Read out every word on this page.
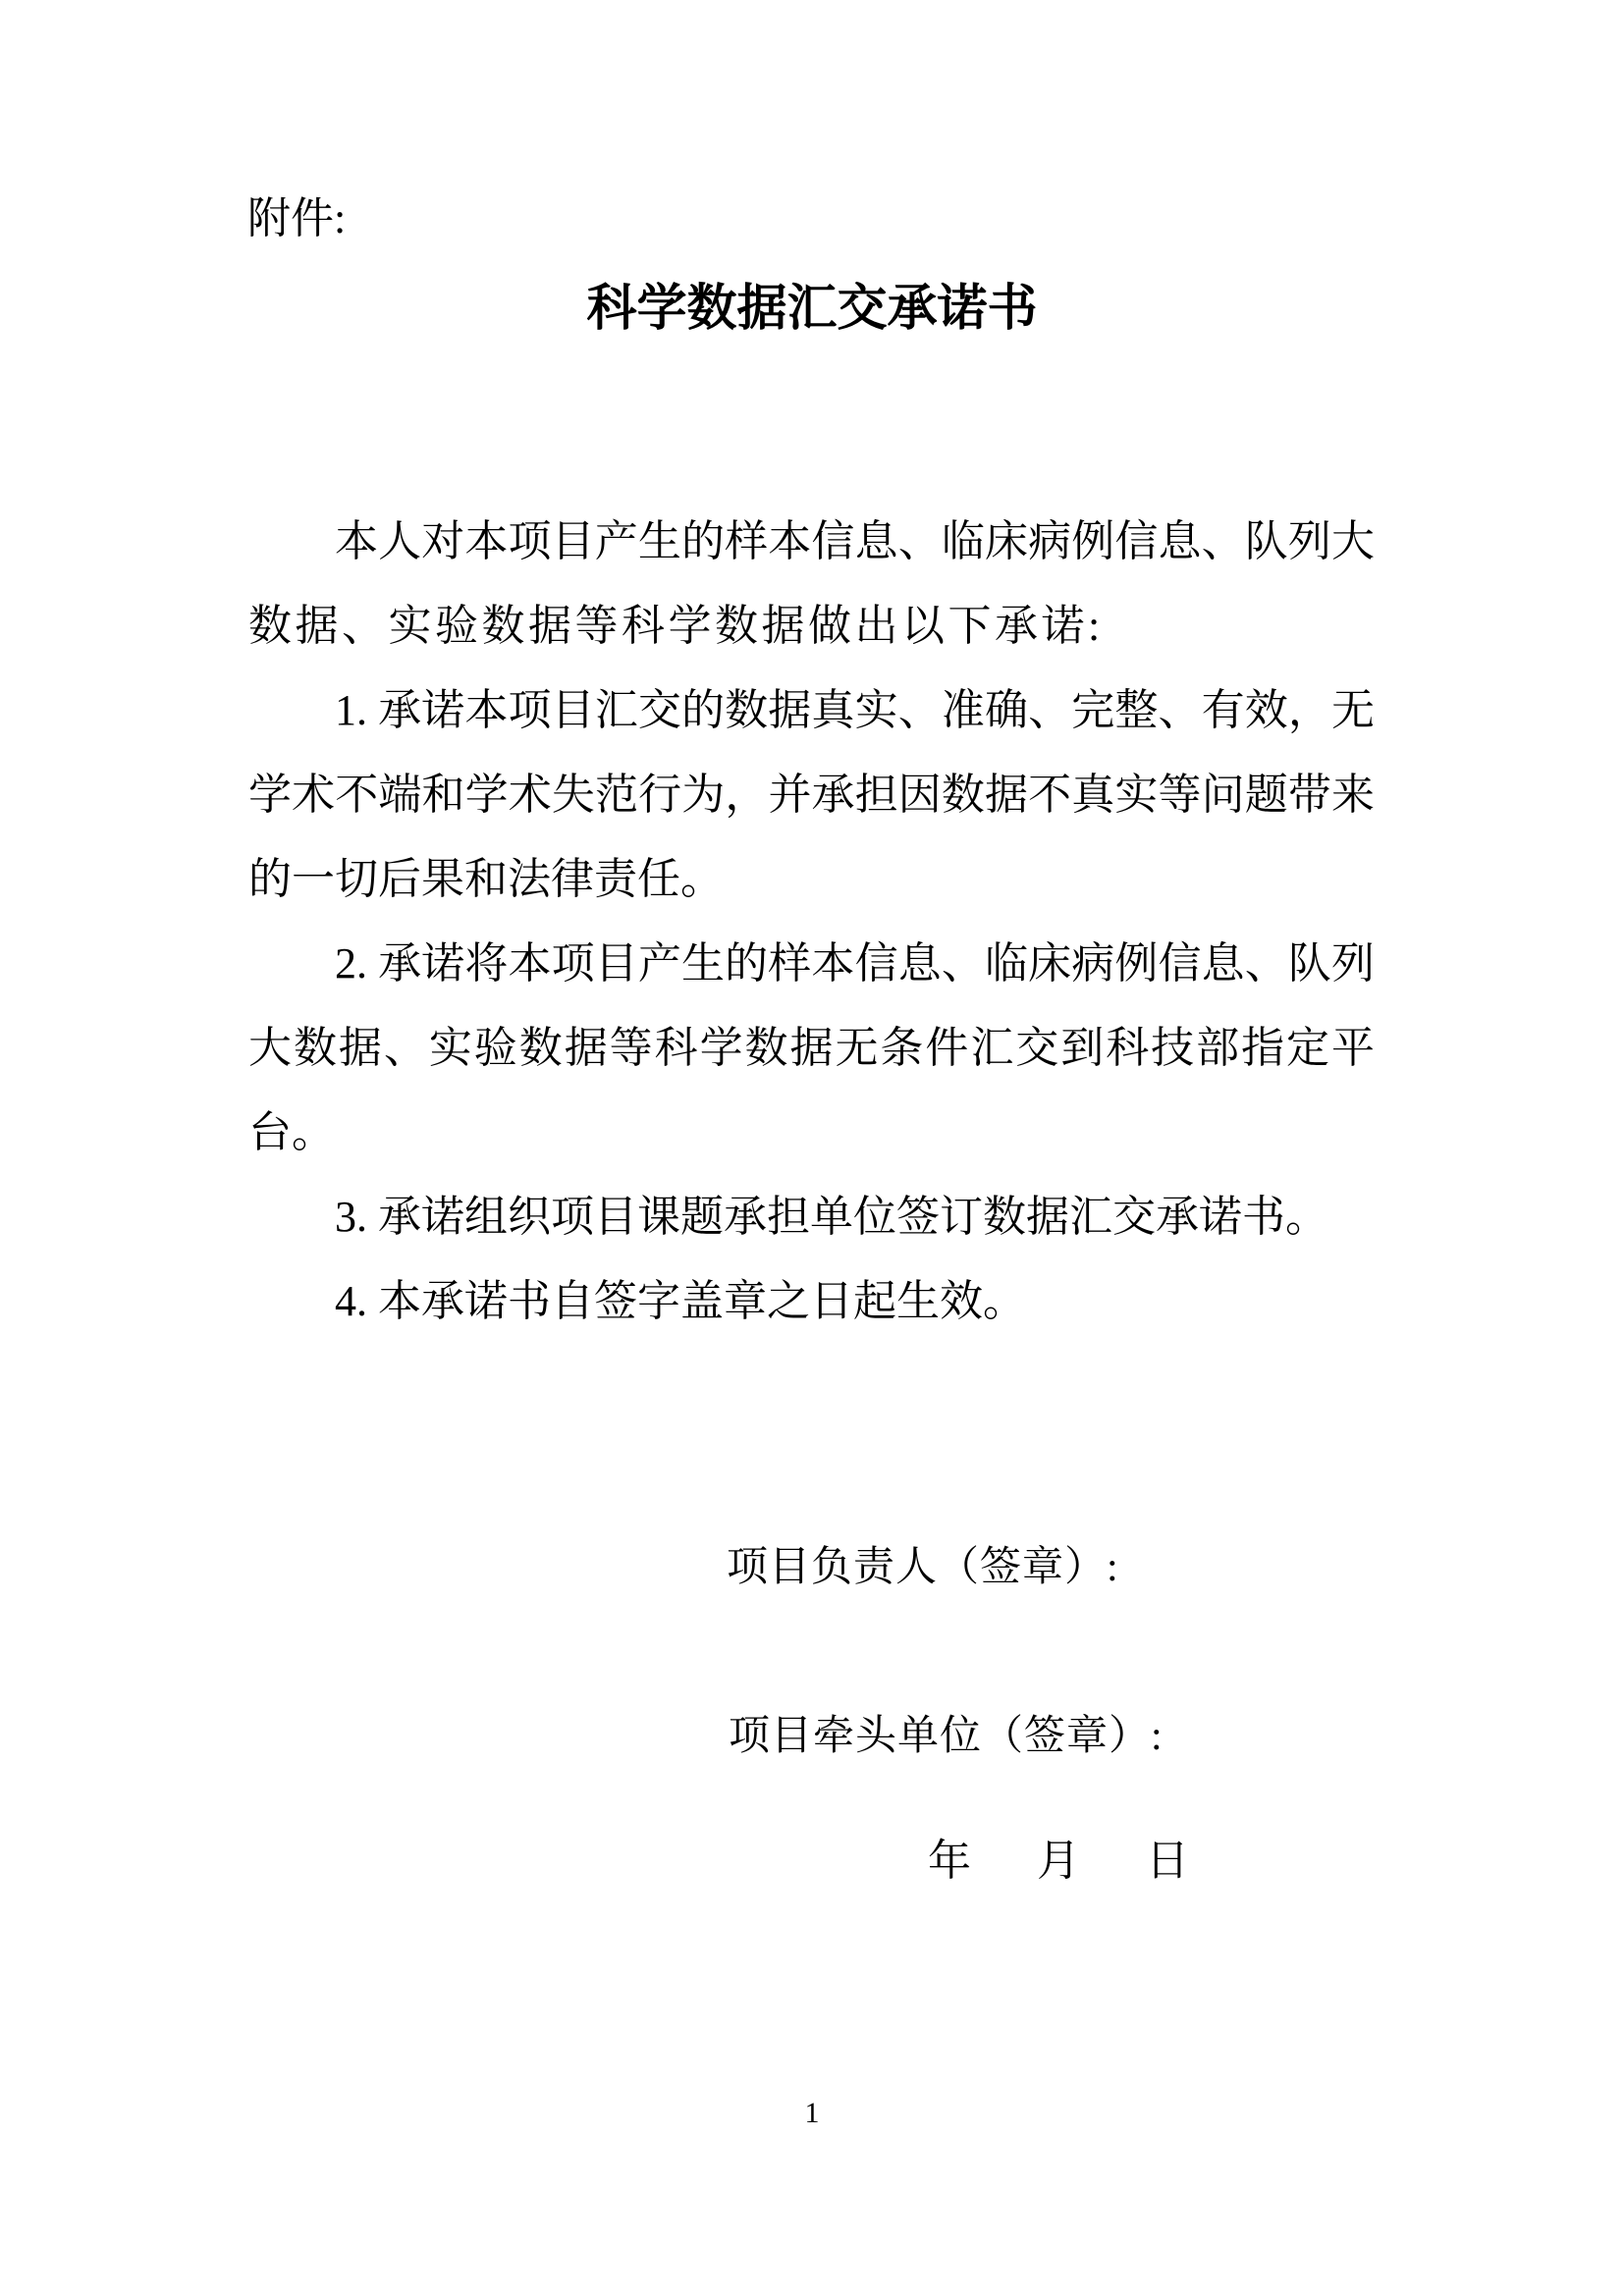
附件:
科学数据汇交承诺书
本人对本项目产生的样本信息、临床病例信息、队列大
数据、实验数据等科学数据做出以下承诺:
1. 承诺本项目汇交的数据真实、准确、完整、有效，无
学术不端和学术失范行为，并承担因数据不真实等问题带来
的一切后果和法律责任。
2. 承诺将本项目产生的样本信息、临床病例信息、队列
大数据、实验数据等科学数据无条件汇交到科技部指定平
台。
3. 承诺组织项目课题承担单位签订数据汇交承诺书。
4. 本承诺书自签字盖章之日起生效。
项目负责人（签章）:
项目牵头单位（签章）:
年 月 日
1
